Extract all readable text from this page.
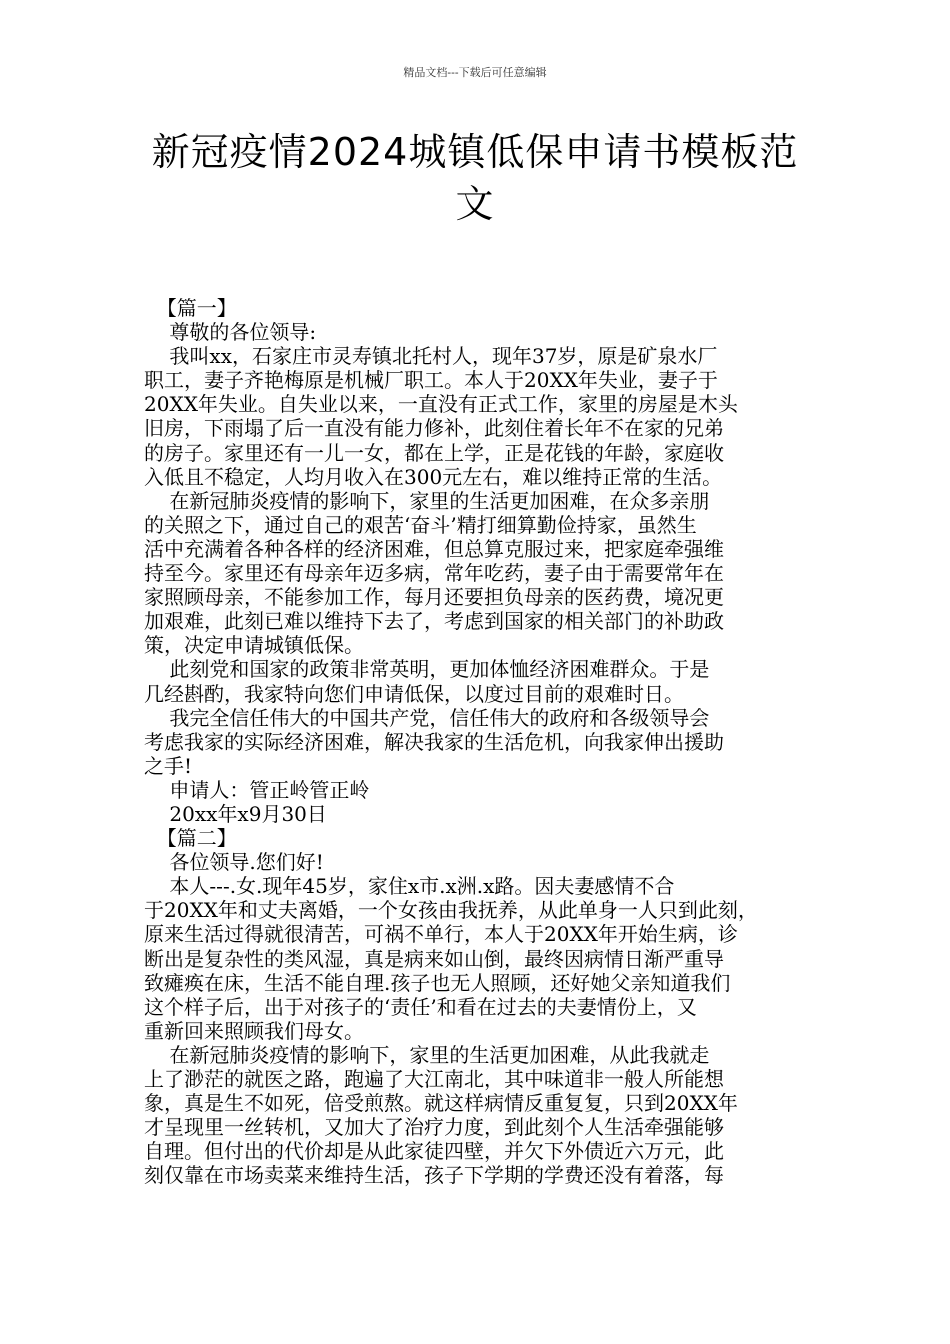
精品文档---下载后可任意编辑
新冠疫情2024城镇低保申请书模板范
文
【篇一】
尊敬的各位领导:
我叫xx，石家庄市灵寿镇北托村人，现年37岁，原是矿泉水厂
职工，妻子齐艳梅原是机械厂职工。本人于20XX年失业，妻子于
20XX年失业。自失业以来，一直没有正式工作，家里的房屋是木头
旧房，下雨塌了后一直没有能力修补，此刻住着长年不在家的兄弟
的房子。家里还有一儿一女，都在上学，正是花钱的年龄，家庭收
入低且不稳定，人均月收入在300元左右，难以维持正常的生活。
在新冠肺炎疫情的影响下，家里的生活更加困难，在众多亲朋
的关照之下，通过自己的艰苦‘奋斗’精打细算勤俭持家，虽然生
活中充满着各种各样的经济困难，但总算克服过来，把家庭牵强维
持至今。家里还有母亲年迈多病，常年吃药，妻子由于需要常年在
家照顾母亲，不能参加工作，每月还要担负母亲的医药费，境况更
加艰难，此刻已难以维持下去了，考虑到国家的相关部门的补助政
策，决定申请城镇低保。
此刻党和国家的政策非常英明，更加体恤经济困难群众。于是
几经斟酌，我家特向您们申请低保，以度过目前的艰难时日。
我完全信任伟大的中国共产党，信任伟大的政府和各级领导会
考虑我家的实际经济困难，解决我家的生活危机，向我家伸出援助
之手!
申请人：管正岭管正岭
20xx年x9月30日
【篇二】
各位领导.您们好!
本人---.女.现年45岁，家住x市.x洲.x路。因夫妻感情不合
于20XX年和丈夫离婚，一个女孩由我抚养，从此单身一人只到此刻，
原来生活过得就很清苦，可祸不单行，本人于20XX年开始生病，诊
断出是复杂性的类风湿，真是病来如山倒，最终因病情日渐严重导
致瘫痪在床，生活不能自理.孩子也无人照顾，还好她父亲知道我们
这个样子后，出于对孩子的‘责任’和看在过去的夫妻情份上，又
重新回来照顾我们母女。
在新冠肺炎疫情的影响下，家里的生活更加困难，从此我就走
上了渺茫的就医之路，跑遍了大江南北，其中味道非一般人所能想
象，真是生不如死，倍受煎熬。就这样病情反重复复，只到20XX年
才呈现里一丝转机，又加大了治疗力度，到此刻个人生活牵强能够
自理。但付出的代价却是从此家徒四壁，并欠下外债近六万元，此
刻仅靠在市场卖菜来维持生活，孩子下学期的学费还没有着落，每
